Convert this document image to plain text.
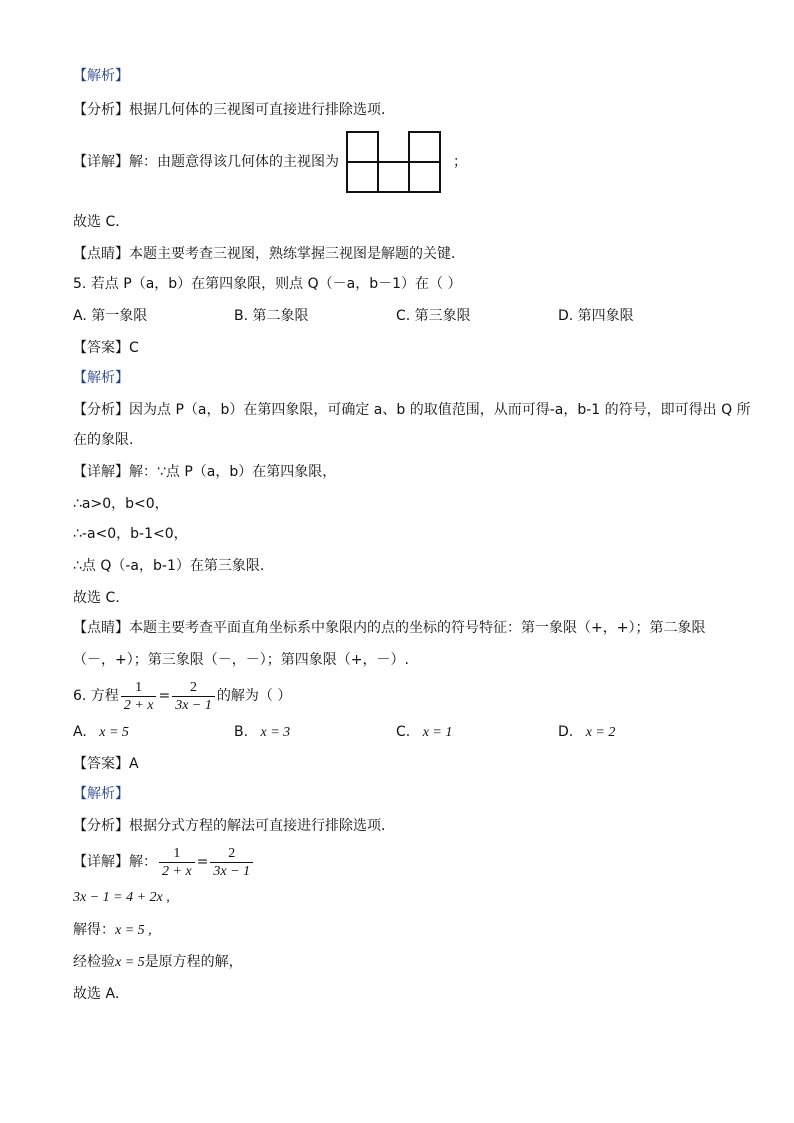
【解析】
【分析】根据几何体的三视图可直接进行排除选项．
【详解】解：由题意得该几何体的主视图为	；
故选 C．
【点睛】本题主要考查三视图，熟练掌握三视图是解题的关键．
5. 若点 P（a，b）在第四象限，则点 Q（－a，b－1）在（ ）
A. 第一象限	B. 第二象限	C. 第三象限	D. 第四象限
【答案】C
【解析】
【分析】因为点 P（a，b）在第四象限，可确定 a、b 的取值范围，从而可得-a，b-1 的符号，即可得出 Q 所
在的象限.
【详解】解：∵点 P（a，b）在第四象限，
∴a>0，b<0，
∴-a<0，b-1<0，
∴点 Q（-a，b-1）在第三象限.
故选 C.
【点睛】本题主要考查平面直角坐标系中象限内的点的坐标的符号特征：第一象限（+，+）；第二象限
（－，+）；第三象限（－，－）；第四象限（+，－）.
6. 方程 $\frac{1}{2 + x} = \frac{2}{3x - 1}$ 的解为（ ）
A. x = 5	B. x = 3	C. x = 1	D. x = 2
【答案】A
【解析】
【分析】根据分式方程的解法可直接进行排除选项．
【详解】解： $\frac{1}{2 + x} = \frac{2}{3x - 1}$
3x − 1 = 4 + 2x ,
解得：x = 5 ,
经检验x = 5是原方程的解，
故选 A．
